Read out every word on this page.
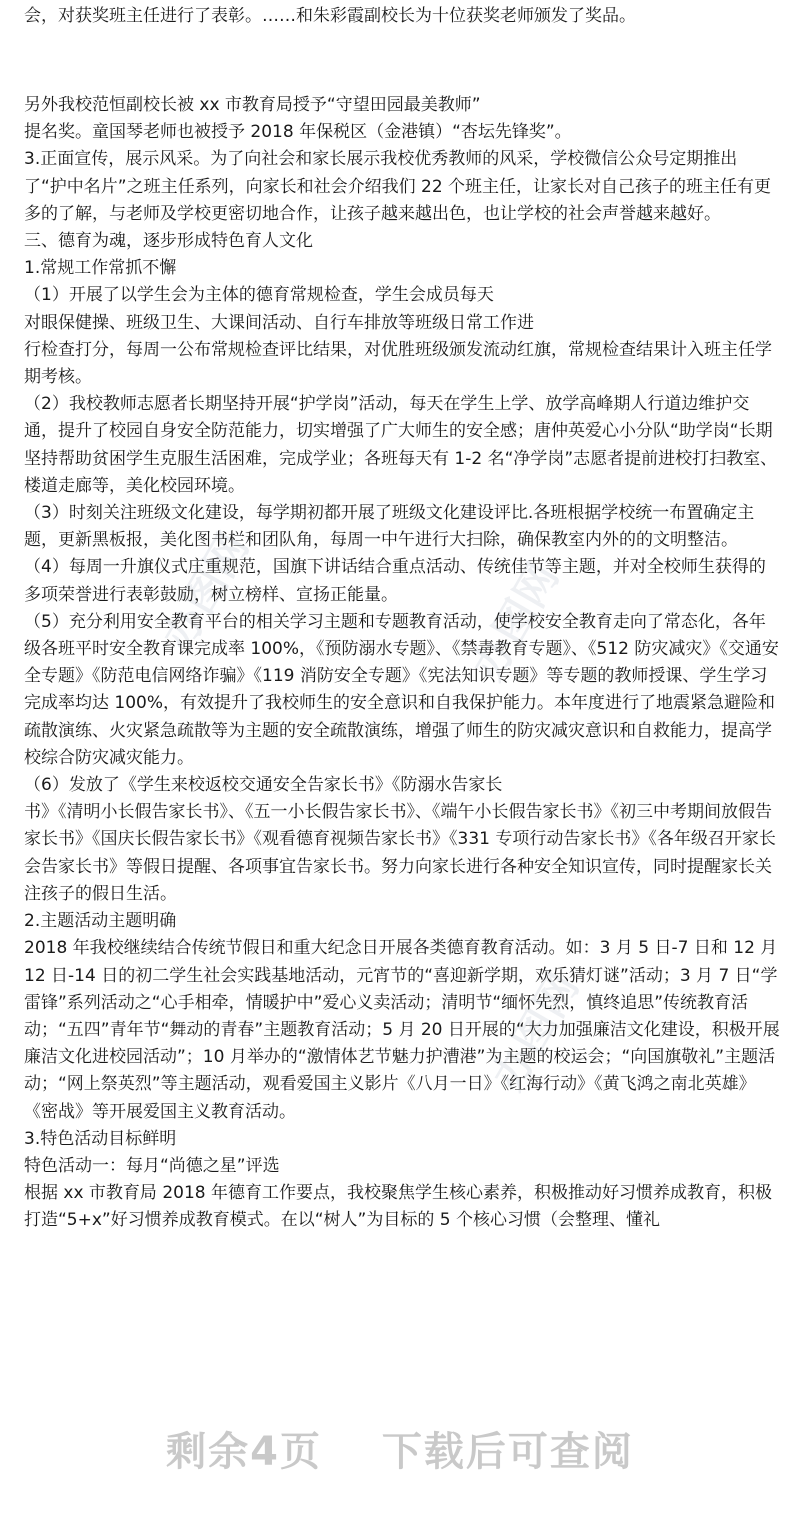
办图网	办图网
办图网

会，对获奖班主任进行了表彰。……和朱彩霞副校长为十位获奖老师颁发了奖品。

另外我校范恒副校长被 xx 市教育局授予“守望田园最美教师”

提名奖。童国琴老师也被授予 2018 年保税区（金港镇）“杏坛先锋奖”。

3.正面宣传，展示风采。为了向社会和家长展示我校优秀教师的风采，学校微信公众号定期推出了“护中名片”之班主任系列，向家长和社会介绍我们 22 个班主任，让家长对自己孩子的班主任有更多的了解，与老师及学校更密切地合作，让孩子越来越出色，也让学校的社会声誉越来越好。

三、德育为魂，逐步形成特色育人文化

1.常规工作常抓不懈

（1）开展了以学生会为主体的德育常规检查，学生会成员每天

对眼保健操、班级卫生、大课间活动、自行车排放等班级日常工作进

行检查打分，每周一公布常规检查评比结果，对优胜班级颁发流动红旗，常规检查结果计入班主任学期考核。

（2）我校教师志愿者长期坚持开展“护学岗”活动，每天在学生上学、放学高峰期人行道边维护交通，提升了校园自身安全防范能力，切实增强了广大师生的安全感；唐仲英爱心小分队“助学岗“长期坚持帮助贫困学生克服生活困难，完成学业；各班每天有 1-2 名“净学岗”志愿者提前进校打扫教室、楼道走廊等，美化校园环境。

（3）时刻关注班级文化建设，每学期初都开展了班级文化建设评比.各班根据学校统一布置确定主题，更新黑板报，美化图书栏和团队角，每周一中午进行大扫除，确保教室内外的的文明整洁。

（4）每周一升旗仪式庄重规范，国旗下讲话结合重点活动、传统佳节等主题，并对全校师生获得的多项荣誉进行表彰鼓励，树立榜样、宣扬正能量。

（5）充分利用安全教育平台的相关学习主题和专题教育活动，使学校安全教育走向了常态化，各年级各班平时安全教育课完成率 100%，《预防溺水专题》、《禁毒教育专题》、《512 防灾减灾》《交通安全专题》《防范电信网络诈骗》《119 消防安全专题》《宪法知识专题》等专题的教师授课、学生学习完成率均达 100%，有效提升了我校师生的安全意识和自我保护能力。本年度进行了地震紧急避险和疏散演练、火灾紧急疏散等为主题的安全疏散演练，增强了师生的防灾减灾意识和自救能力，提高学校综合防灾减灾能力。

（6）发放了《学生来校返校交通安全告家长书》《防溺水告家长

书》《清明小长假告家长书》、《五一小长假告家长书》、《端午小长假告家长书》《初三中考期间放假告家长书》《国庆长假告家长书》《观看德育视频告家长书》《331 专项行动告家长书》《各年级召开家长会告家长书》等假日提醒、各项事宜告家长书。努力向家长进行各种安全知识宣传，同时提醒家长关注孩子的假日生活。

2.主题活动主题明确

2018 年我校继续结合传统节假日和重大纪念日开展各类德育教育活动。如：3 月 5 日-7 日和 12 月 12 日-14 日的初二学生社会实践基地活动，元宵节的“喜迎新学期，欢乐猜灯谜”活动；3 月 7 日“学雷锋”系列活动之“心手相牵，情暖护中”爱心义卖活动；清明节“缅怀先烈，慎终追思”传统教育活动；“五四”青年节“舞动的青春”主题教育活动；5 月 20 日开展的“大力加强廉洁文化建设，积极开展廉洁文化进校园活动”；10 月举办的“激情体艺节魅力护漕港”为主题的校运会；“向国旗敬礼”主题活动；“网上祭英烈”等主题活动，观看爱国主义影片《八月一日》《红海行动》《黄飞鸿之南北英雄》《密战》等开展爱国主义教育活动。

3.特色活动目标鲜明

特色活动一：每月“尚德之星”评选

根据 xx 市教育局 2018 年德育工作要点，我校聚焦学生核心素养，积极推动好习惯养成教育，积极打造“5+x”好习惯养成教育模式。在以“树人”为目标的 5 个核心习惯（会整理、懂礼

剩余4页 下载后可查阅
